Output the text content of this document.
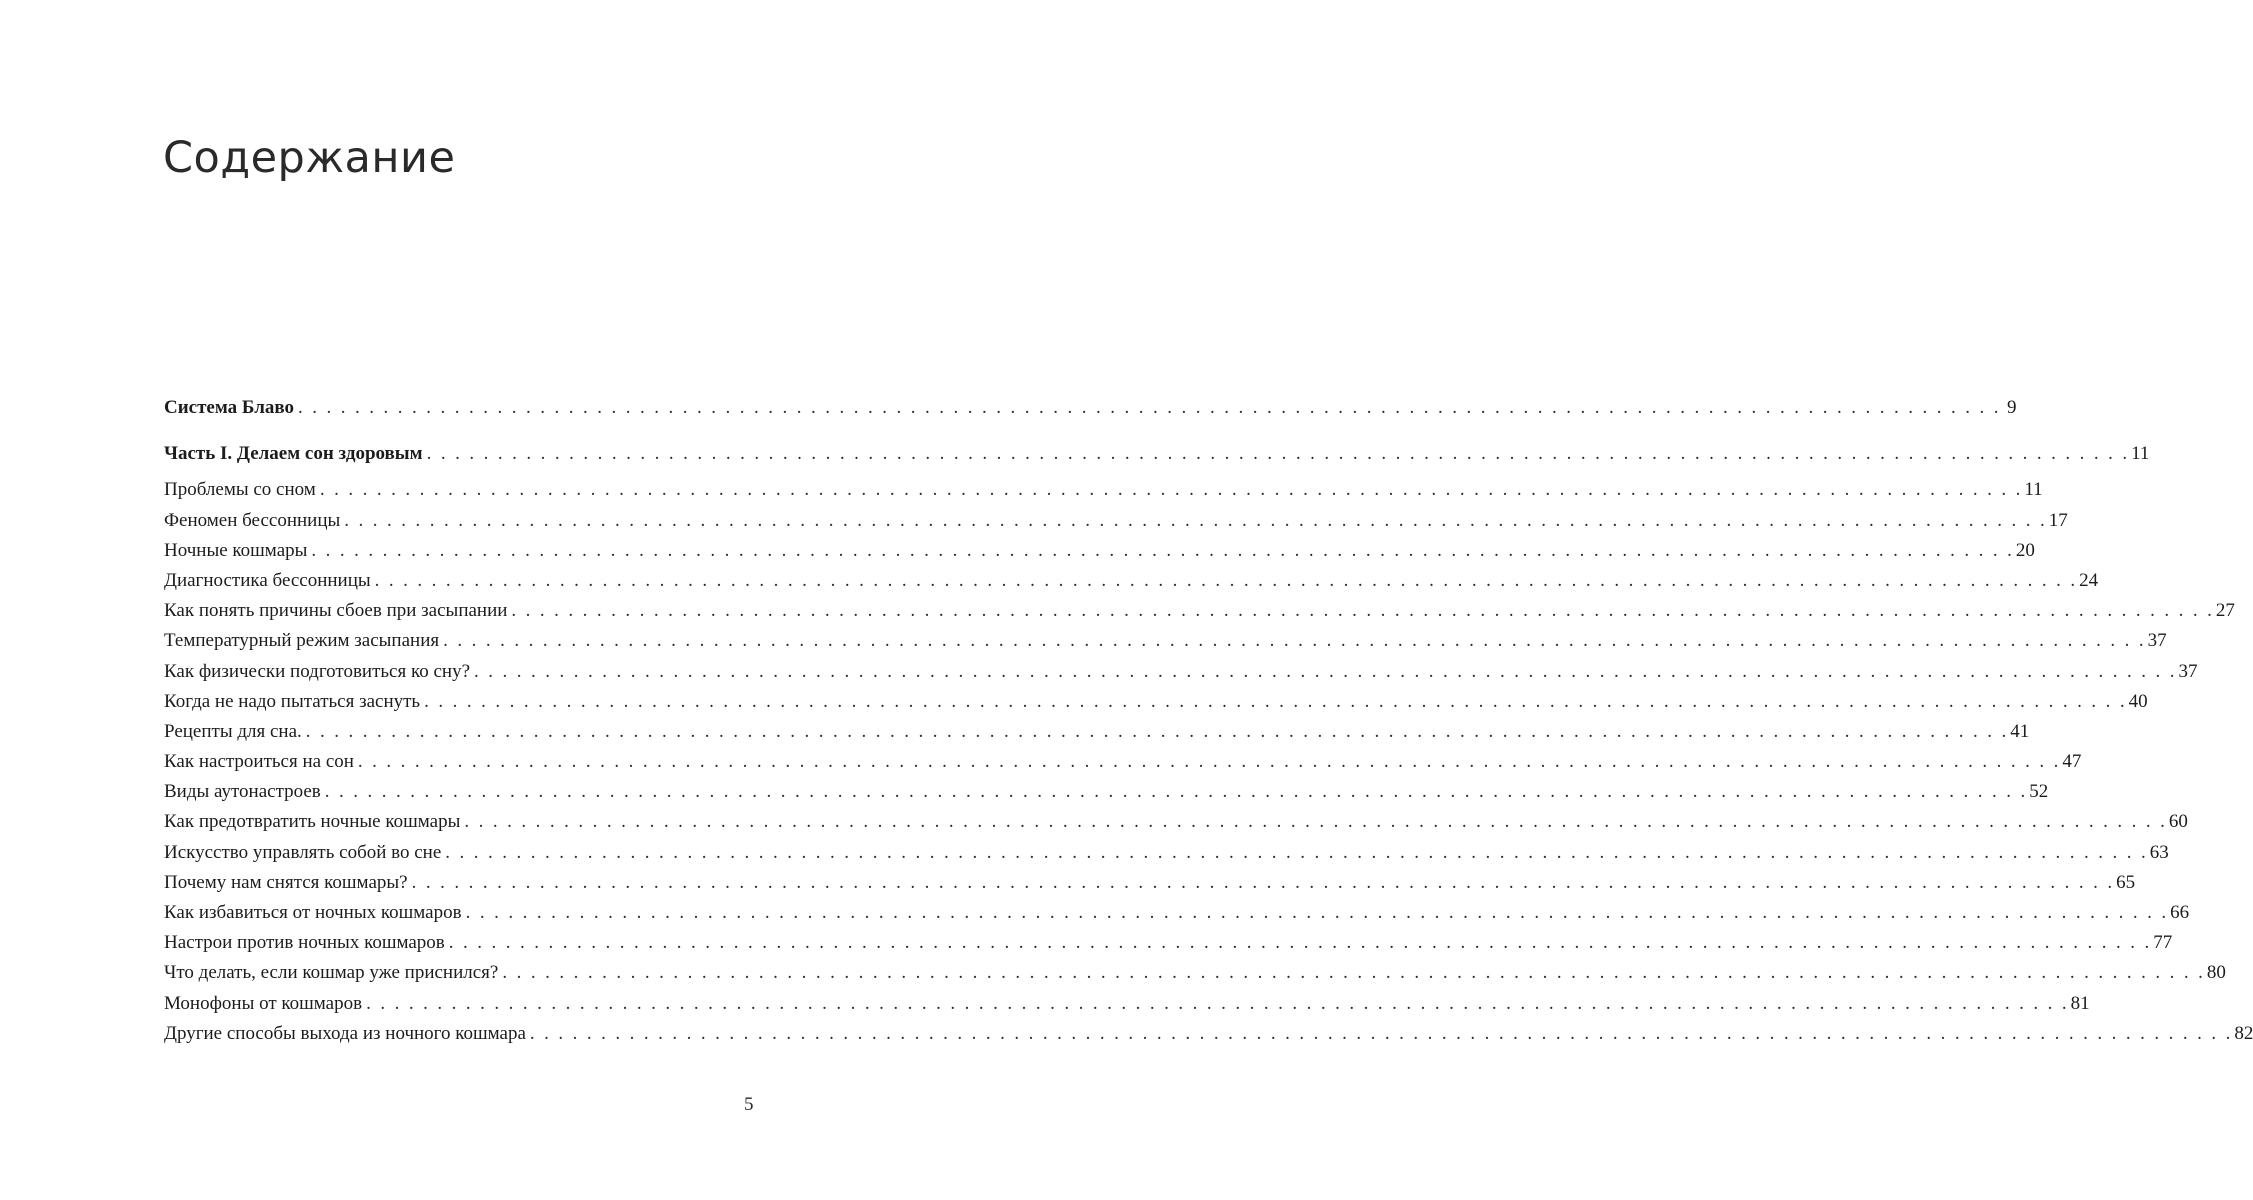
Содержание
Система Блаво . . . . . . . . . . . . . . . . . . . . . . . . . . . . . . . . . . . . . . . . . . . . . . . . . . . . . . . . . . . . . . . . . . . . . . . . . . . . . . . . . . . . . . . . . . . . . . . . . . . . . . . . . . . . . . . . . . . . . . . . 9
Часть I. Делаем сон здоровым . . . . . . . . . . . . . . . . . . . . . . . . . . . . . . . . . . . . . . . . . . . . . . . . . . . . . . . . . . . . . . . . . . . . . . . . . . . . . . . . . . . . . . . . . . . . . . . . . . . . . . . . . . . . . . . . . . . . . . . . 11
Проблемы со сном . . . . . . . . . . . . . . . . . . . . . . . . . . . . . . . . . . . . . . . . . . . . . . . . . . . . . . . . . . . . . . . . . . . . . . . . . . . . . . . . . . . . . . . . . . . . . . . . . . . . . . . . . . . . . . . . . . . . . . . . 11
Феномен бессонницы . . . . . . . . . . . . . . . . . . . . . . . . . . . . . . . . . . . . . . . . . . . . . . . . . . . . . . . . . . . . . . . . . . . . . . . . . . . . . . . . . . . . . . . . . . . . . . . . . . . . . . . . . . . . . . . . . . . . . . . . 17
Ночные кошмары . . . . . . . . . . . . . . . . . . . . . . . . . . . . . . . . . . . . . . . . . . . . . . . . . . . . . . . . . . . . . . . . . . . . . . . . . . . . . . . . . . . . . . . . . . . . . . . . . . . . . . . . . . . . . . . . . . . . . . . . 20
Диагностика бессонницы . . . . . . . . . . . . . . . . . . . . . . . . . . . . . . . . . . . . . . . . . . . . . . . . . . . . . . . . . . . . . . . . . . . . . . . . . . . . . . . . . . . . . . . . . . . . . . . . . . . . . . . . . . . . . . . . . . . . . . . . 24
Как понять причины сбоев при засыпании . . . . . . . . . . . . . . . . . . . . . . . . . . . . . . . . . . . . . . . . . . . . . . . . . . . . . . . . . . . . . . . . . . . . . . . . . . . . . . . . . . . . . . . . . . . . . . . . . . . . . . . . . . . . . . . . . . . . . . . . 27
Температурный режим засыпания . . . . . . . . . . . . . . . . . . . . . . . . . . . . . . . . . . . . . . . . . . . . . . . . . . . . . . . . . . . . . . . . . . . . . . . . . . . . . . . . . . . . . . . . . . . . . . . . . . . . . . . . . . . . . . . . . . . . . . . . 37
Как физически подготовиться ко сну? . . . . . . . . . . . . . . . . . . . . . . . . . . . . . . . . . . . . . . . . . . . . . . . . . . . . . . . . . . . . . . . . . . . . . . . . . . . . . . . . . . . . . . . . . . . . . . . . . . . . . . . . . . . . . . . . . . . . . . . . 37
Когда не надо пытаться заснуть . . . . . . . . . . . . . . . . . . . . . . . . . . . . . . . . . . . . . . . . . . . . . . . . . . . . . . . . . . . . . . . . . . . . . . . . . . . . . . . . . . . . . . . . . . . . . . . . . . . . . . . . . . . . . . . . . . . . . . . . 40
Рецепты для сна. . . . . . . . . . . . . . . . . . . . . . . . . . . . . . . . . . . . . . . . . . . . . . . . . . . . . . . . . . . . . . . . . . . . . . . . . . . . . . . . . . . . . . . . . . . . . . . . . . . . . . . . . . . . . . . . . . . . . . . . . 41
Как настроиться на сон . . . . . . . . . . . . . . . . . . . . . . . . . . . . . . . . . . . . . . . . . . . . . . . . . . . . . . . . . . . . . . . . . . . . . . . . . . . . . . . . . . . . . . . . . . . . . . . . . . . . . . . . . . . . . . . . . . . . . . . . 47
Виды аутонастроев . . . . . . . . . . . . . . . . . . . . . . . . . . . . . . . . . . . . . . . . . . . . . . . . . . . . . . . . . . . . . . . . . . . . . . . . . . . . . . . . . . . . . . . . . . . . . . . . . . . . . . . . . . . . . . . . . . . . . . . . 52
Как предотвратить ночные кошмары . . . . . . . . . . . . . . . . . . . . . . . . . . . . . . . . . . . . . . . . . . . . . . . . . . . . . . . . . . . . . . . . . . . . . . . . . . . . . . . . . . . . . . . . . . . . . . . . . . . . . . . . . . . . . . . . . . . . . . . . 60
Искусство управлять собой во сне . . . . . . . . . . . . . . . . . . . . . . . . . . . . . . . . . . . . . . . . . . . . . . . . . . . . . . . . . . . . . . . . . . . . . . . . . . . . . . . . . . . . . . . . . . . . . . . . . . . . . . . . . . . . . . . . . . . . . . . . 63
Почему нам снятся кошмары? . . . . . . . . . . . . . . . . . . . . . . . . . . . . . . . . . . . . . . . . . . . . . . . . . . . . . . . . . . . . . . . . . . . . . . . . . . . . . . . . . . . . . . . . . . . . . . . . . . . . . . . . . . . . . . . . . . . . . . . . 65
Как избавиться от ночных кошмаров . . . . . . . . . . . . . . . . . . . . . . . . . . . . . . . . . . . . . . . . . . . . . . . . . . . . . . . . . . . . . . . . . . . . . . . . . . . . . . . . . . . . . . . . . . . . . . . . . . . . . . . . . . . . . . . . . . . . . . . . 66
Настрои против ночных кошмаров . . . . . . . . . . . . . . . . . . . . . . . . . . . . . . . . . . . . . . . . . . . . . . . . . . . . . . . . . . . . . . . . . . . . . . . . . . . . . . . . . . . . . . . . . . . . . . . . . . . . . . . . . . . . . . . . . . . . . . . . 77
Что делать, если кошмар уже приснился? . . . . . . . . . . . . . . . . . . . . . . . . . . . . . . . . . . . . . . . . . . . . . . . . . . . . . . . . . . . . . . . . . . . . . . . . . . . . . . . . . . . . . . . . . . . . . . . . . . . . . . . . . . . . . . . . . . . . . . . . 80
Монофоны от кошмаров . . . . . . . . . . . . . . . . . . . . . . . . . . . . . . . . . . . . . . . . . . . . . . . . . . . . . . . . . . . . . . . . . . . . . . . . . . . . . . . . . . . . . . . . . . . . . . . . . . . . . . . . . . . . . . . . . . . . . . . . 81
Другие способы выхода из ночного кошмара . . . . . . . . . . . . . . . . . . . . . . . . . . . . . . . . . . . . . . . . . . . . . . . . . . . . . . . . . . . . . . . . . . . . . . . . . . . . . . . . . . . . . . . . . . . . . . . . . . . . . . . . . . . . . . . . . . . . . . . . 82
5
